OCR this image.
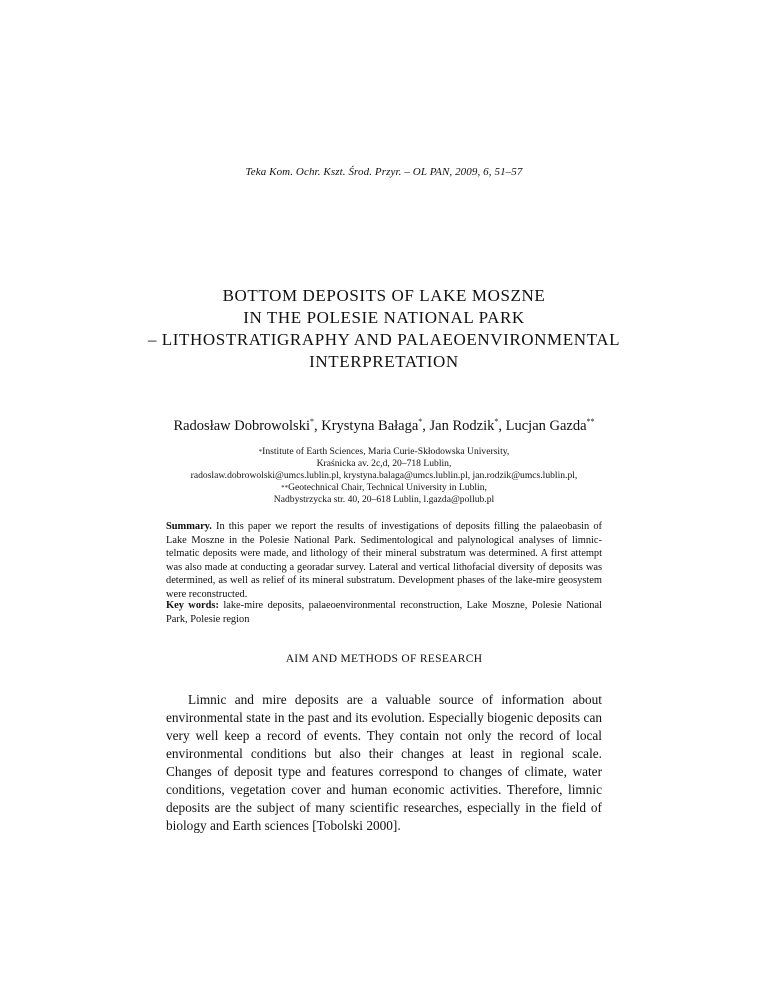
Teka Kom. Ochr. Kszt. Środ. Przyr. – OL PAN, 2009, 6, 51–57
BOTTOM DEPOSITS OF LAKE MOSZNE
IN THE POLESIE NATIONAL PARK
– LITHOSTRATIGRAPHY AND PALAEOENVIRONMENTAL
INTERPRETATION
Radosław Dobrowolski*, Krystyna Bałaga*, Jan Rodzik*, Lucjan Gazda**
*Institute of Earth Sciences, Maria Curie-Skłodowska University,
Kraśnicka av. 2c,d, 20–718 Lublin,
radoslaw.dobrowolski@umcs.lublin.pl, krystyna.balaga@umcs.lublin.pl, jan.rodzik@umcs.lublin.pl,
**Geotechnical Chair, Technical University in Lublin,
Nadbystrzycka str. 40, 20–618 Lublin, l.gazda@pollub.pl
Summary. In this paper we report the results of investigations of deposits filling the palaeobasin of Lake Moszne in the Polesie National Park. Sedimentological and palynological analyses of limnic-telmatic deposits were made, and lithology of their mineral substratum was determined. A first attempt was also made at conducting a georadar survey. Lateral and vertical lithofacial diversity of deposits was determined, as well as relief of its mineral substratum. Development phases of the lake-mire geosystem were reconstructed.
Key words: lake-mire deposits, palaeoenvironmental reconstruction, Lake Moszne, Polesie National Park, Polesie region
AIM AND METHODS OF RESEARCH
Limnic and mire deposits are a valuable source of information about environmental state in the past and its evolution. Especially biogenic deposits can very well keep a record of events. They contain not only the record of local environmental conditions but also their changes at least in regional scale. Changes of deposit type and features correspond to changes of climate, water conditions, vegetation cover and human economic activities. Therefore, limnic deposits are the subject of many scientific researches, especially in the field of biology and Earth sciences [Tobolski 2000].
